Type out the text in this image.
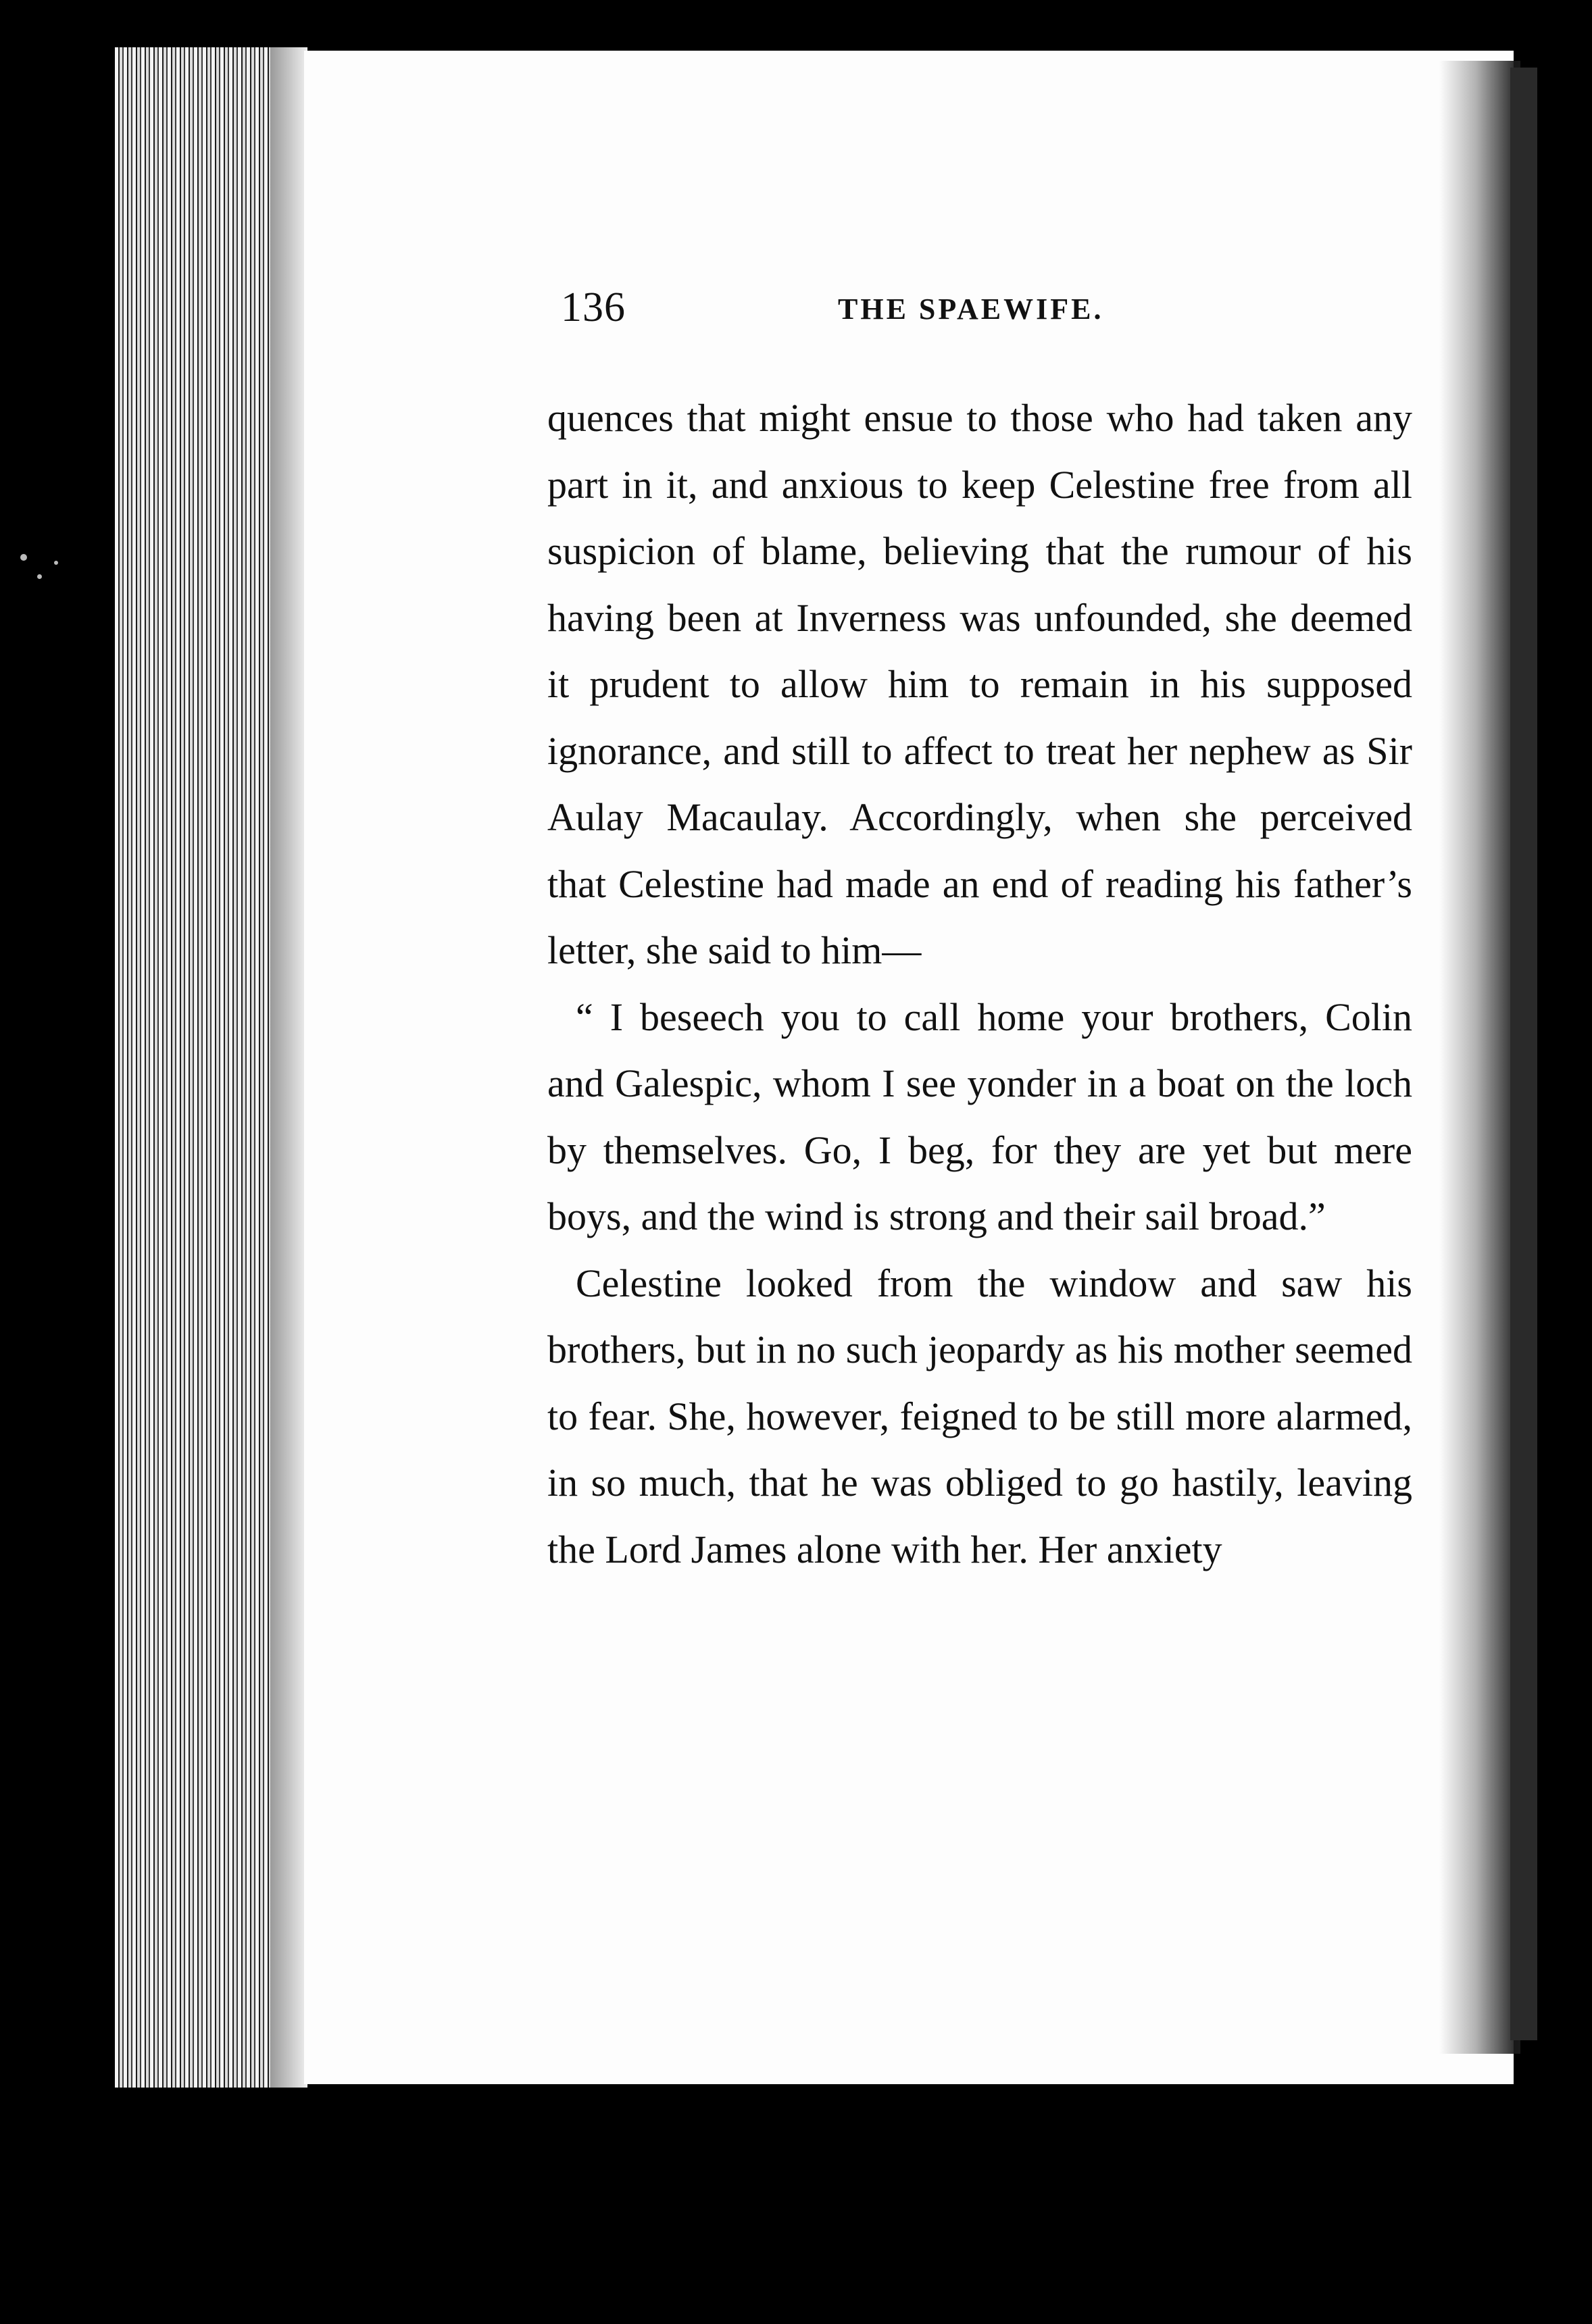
136	THE SPAEWIFE.

quences that might ensue to those who had taken any part in it, and anxious to keep Celestine free from all suspicion of blame, believing that the rumour of his having been at Inverness was unfounded, she deemed it prudent to allow him to remain in his supposed ignorance, and still to affect to treat her nephew as Sir Aulay Macaulay. Accordingly, when she perceived that Celestine had made an end of reading his father’s letter, she said to him—

“ I beseech you to call home your brothers, Colin and Galespic, whom I see yonder in a boat on the loch by themselves. Go, I beg, for they are yet but mere boys, and the wind is strong and their sail broad.”

Celestine looked from the window and saw his brothers, but in no such jeopardy as his mother seemed to fear. She, however, feigned to be still more alarmed, in so much, that he was obliged to go hastily, leaving the Lord James alone with her. Her anxiety
